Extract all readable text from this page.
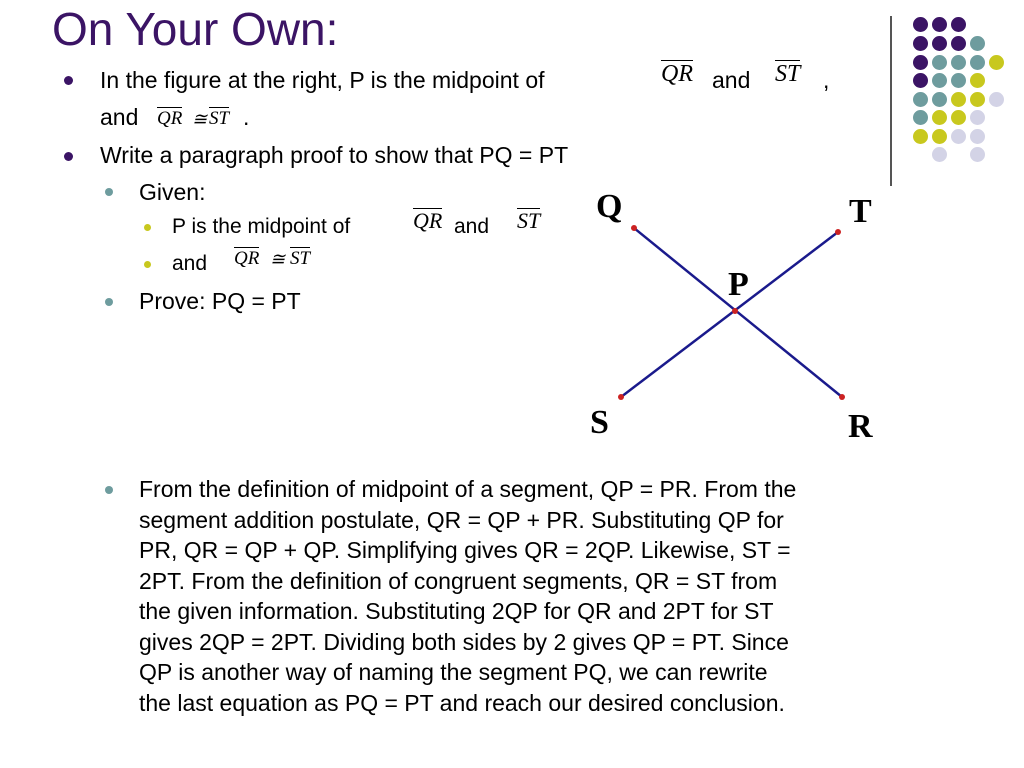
On Your Own:
In the figure at the right, P is the midpoint of	QR and ST ,
and QR ≅ ST .
Write a paragraph proof to show that PQ = PT
Given:
P is the midpoint of	QR and ST
and QR ≅ ST
Prove: PQ = PT
Q	T
P
S	R
From the definition of midpoint of a segment, QP = PR. From the
segment addition postulate, QR = QP + PR. Substituting QP for
PR, QR = QP + QP. Simplifying gives QR = 2QP. Likewise, ST =
2PT. From the definition of congruent segments, QR = ST from
the given information. Substituting 2QP for QR and 2PT for ST
gives 2QP = 2PT. Dividing both sides by 2 gives QP = PT. Since
QP is another way of naming the segment PQ, we can rewrite
the last equation as PQ = PT and reach our desired conclusion.
